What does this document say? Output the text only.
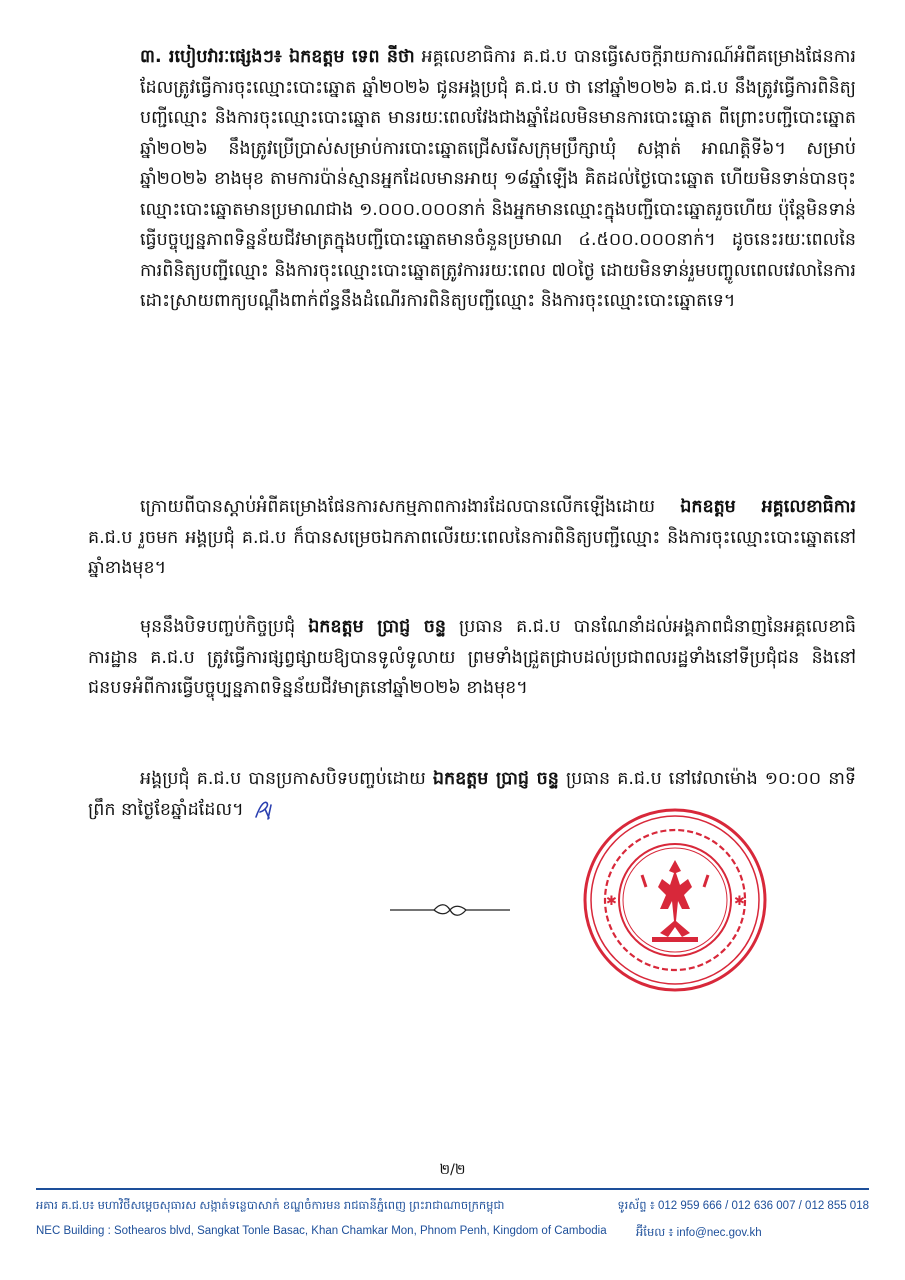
៣. របៀបវារៈផ្សេងៗ៖ ឯកឧត្តម ទេព នីថា អគ្គលេខាធិការ គ.ជ.ប បានធ្វើសេចក្តីរាយការណ៍អំពីគម្រោងផែនការដែលត្រូវធ្វើការចុះឈ្មោះបោះឆ្នោត ឆ្នាំ២០២៦ ជូនអង្គប្រជុំ គ.ជ.ប ថា នៅឆ្នាំ២០២៦ គ.ជ.ប នឹងត្រូវធ្វើការពិនិត្យបញ្ជីឈ្មោះ និងការចុះឈ្មោះបោះឆ្នោត មានរយៈពេលវែងជាងឆ្នាំដែលមិនមានការបោះឆ្នោត ពីព្រោះបញ្ជីបោះឆ្នោត ឆ្នាំ២០២៦ នឹងត្រូវប្រើប្រាស់សម្រាប់ការបោះឆ្នោតជ្រើសរើសក្រុមប្រឹក្សាឃុំ សង្កាត់ អាណត្តិទី៦។ សម្រាប់ឆ្នាំ២០២៦ ខាងមុខ តាមការប៉ាន់ស្មានអ្នកដែលមានអាយុ ១៨ឆ្នាំឡើង គិតដល់ថ្ងៃបោះឆ្នោត ហើយមិនទាន់បានចុះឈ្មោះបោះឆ្នោតមានប្រមាណជាង ១.០០០.០០០នាក់ និងអ្នកមានឈ្មោះក្នុងបញ្ជីបោះឆ្នោតរួចហើយ ប៉ុន្តែមិនទាន់ធ្វើបច្ចុប្បន្នភាពទិន្នន័យជីវមាត្រក្នុងបញ្ជីបោះឆ្នោតមានចំនួនប្រមាណ ៤.៥០០.០០០នាក់។ ដូចនេះរយៈពេលនៃការពិនិត្យបញ្ជីឈ្មោះ និងការចុះឈ្មោះបោះឆ្នោតត្រូវការរយៈពេល ៧០ថ្ងៃ ដោយមិនទាន់រួមបញ្ចូលពេលវេលានៃការដោះស្រាយពាក្យបណ្តឹងពាក់ព័ន្ធនឹងដំណើរការពិនិត្យបញ្ជីឈ្មោះ និងការចុះឈ្មោះបោះឆ្នោតទេ។

ក្រោយពីបានស្តាប់អំពីគម្រោងផែនការសកម្មភាពការងារដែលបានលើកឡើងដោយ ឯកឧត្តម អគ្គលេខាធិការ គ.ជ.ប រួចមក អង្គប្រជុំ គ.ជ.ប ក៏បានសម្រេចឯកភាពលើរយៈពេលនៃការពិនិត្យបញ្ជីឈ្មោះ និងការចុះឈ្មោះបោះឆ្នោតនៅឆ្នាំខាងមុខ។

មុននឹងបិទបញ្ចប់កិច្ចប្រជុំ ឯកឧត្តម ប្រាជ្ញ ចន្ទ ប្រធាន គ.ជ.ប បានណែនាំដល់អង្គភាពជំនាញនៃអគ្គលេខាធិការដ្ឋាន គ.ជ.ប ត្រូវធ្វើការផ្សព្វផ្សាយឱ្យបានទូលំទូលាយ ព្រមទាំងជ្រួតជ្រាបដល់ប្រជាពលរដ្ឋទាំងនៅទីប្រជុំជន និងនៅជនបទអំពីការធ្វើបច្ចុប្បន្នភាពទិន្នន័យជីវមាត្រនៅឆ្នាំ២០២៦ ខាងមុខ។

អង្គប្រជុំ គ.ជ.ប បានប្រកាសបិទបញ្ចប់ដោយ ឯកឧត្តម ប្រាជ្ញ ចន្ទ ប្រធាន គ.ជ.ប នៅវេលាម៉ោង ១០:០០ នាទីព្រឹក នាថ្ងៃខែឆ្នាំដដែល។

✱	✱
២/២
អគារ គ.ជ.ប៖ មហាវិថីសម្តេចសុធារស សង្កាត់ទន្លេបាសាក់ ខណ្ឌចំការមន រាជធានីភ្នំពេញ ព្រះរាជាណាចក្រកម្ពុជា	ទូរស័ព្ទ ៖ 012 959 666 / 012 636 007 / 012 855 018
NEC Building : Sothearos blvd, Sangkat Tonle Basac, Khan Chamkar Mon, Phnom Penh, Kingdom of Cambodia	អ៊ីមែល ៖ info@nec.gov.kh
